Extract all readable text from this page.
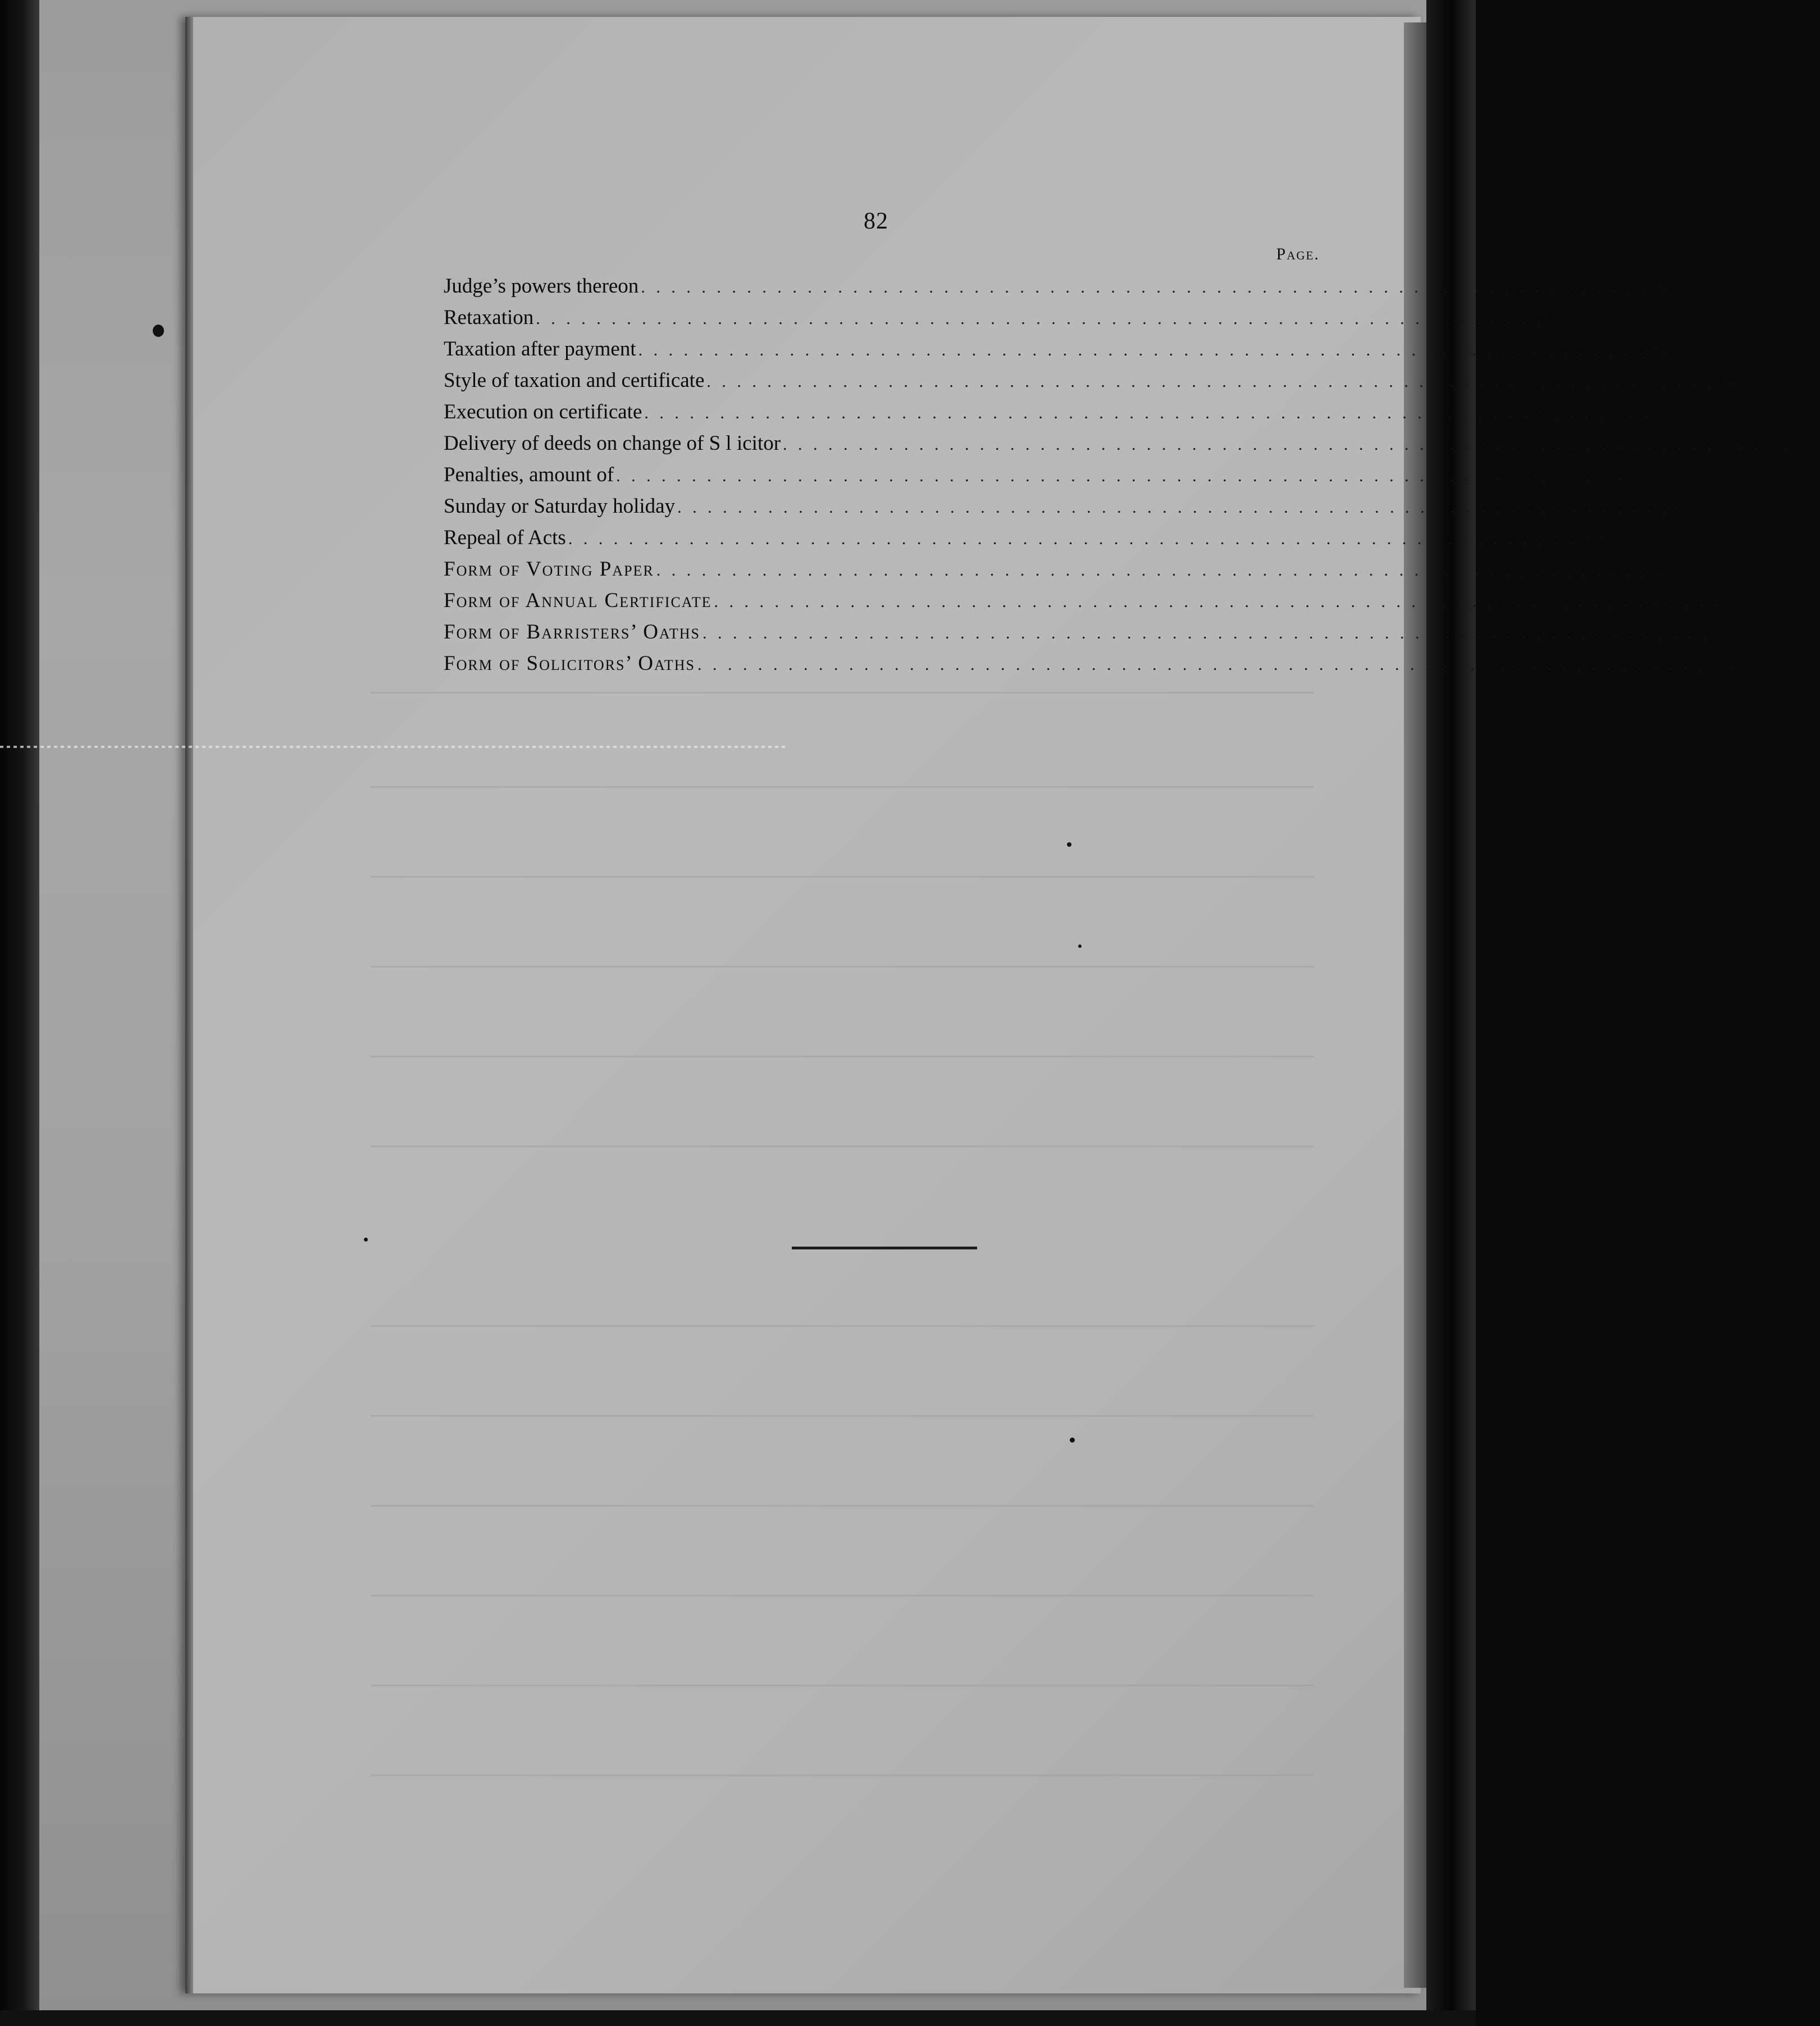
82
Page.
Judge’s powers thereon . . . . . . . . . . . . . . . . . . . . . . . . . . . . . . . . . . . . . . . . . . . . . . . . . . . . . . . . . . . . . . . . . . . 68
Retaxation . . . . . . . . . . . . . . . . . . . . . . . . . . . . . . . . . . . . . . . . . . . . . . . . . . . . . . . . . . . . . . . . . . . 68
Taxation after payment . . . . . . . . . . . . . . . . . . . . . . . . . . . . . . . . . . . . . . . . . . . . . . . . . . . . . . . . . . . . . . . . . . . 68
Style of taxation and certificate . . . . . . . . . . . . . . . . . . . . . . . . . . . . . . . . . . . . . . . . . . . . . . . . . . . . . . . . . . . . . . . . . . . 68
Execution on certificate . . . . . . . . . . . . . . . . . . . . . . . . . . . . . . . . . . . . . . . . . . . . . . . . . . . . . . . . . . . . . . . . . . . 69
Delivery of deeds on change of S l icitor . . . . . . . . . . . . . . . . . . . . . . . . . . . . . . . . . . . . . . . . . . . . . . . . . . . . . . . . . . . . . . . . . . . 69
Penalties, amount of . . . . . . . . . . . . . . . . . . . . . . . . . . . . . . . . . . . . . . . . . . . . . . . . . . . . . . . . . . . . . . . . . . . 69
Sunday or Saturday holiday . . . . . . . . . . . . . . . . . . . . . . . . . . . . . . . . . . . . . . . . . . . . . . . . . . . . . . . . . . . . . . . . . . . 69
Repeal of Acts . . . . . . . . . . . . . . . . . . . . . . . . . . . . . . . . . . . . . . . . . . . . . . . . . . . . . . . . . . . . . . . . . . . 69
Form of Voting Paper . . . . . . . . . . . . . . . . . . . . . . . . . . . . . . . . . . . . . . . . . . . . . . . . . . . . . . . . . . . . . . . . . . . 71
Form of Annual Certificate . . . . . . . . . . . . . . . . . . . . . . . . . . . . . . . . . . . . . . . . . . . . . . . . . . . . . . . . . . . . . . . . . . . 71
Form of Barristers’ Oaths . . . . . . . . . . . . . . . . . . . . . . . . . . . . . . . . . . . . . . . . . . . . . . . . . . . . . . . . . . . . . . . . . . . 72
Form of Solicitors’ Oaths . . . . . . . . . . . . . . . . . . . . . . . . . . . . . . . . . . . . . . . . . . . . . . . . . . . . . . . . . . . . . . . . . . . 73
